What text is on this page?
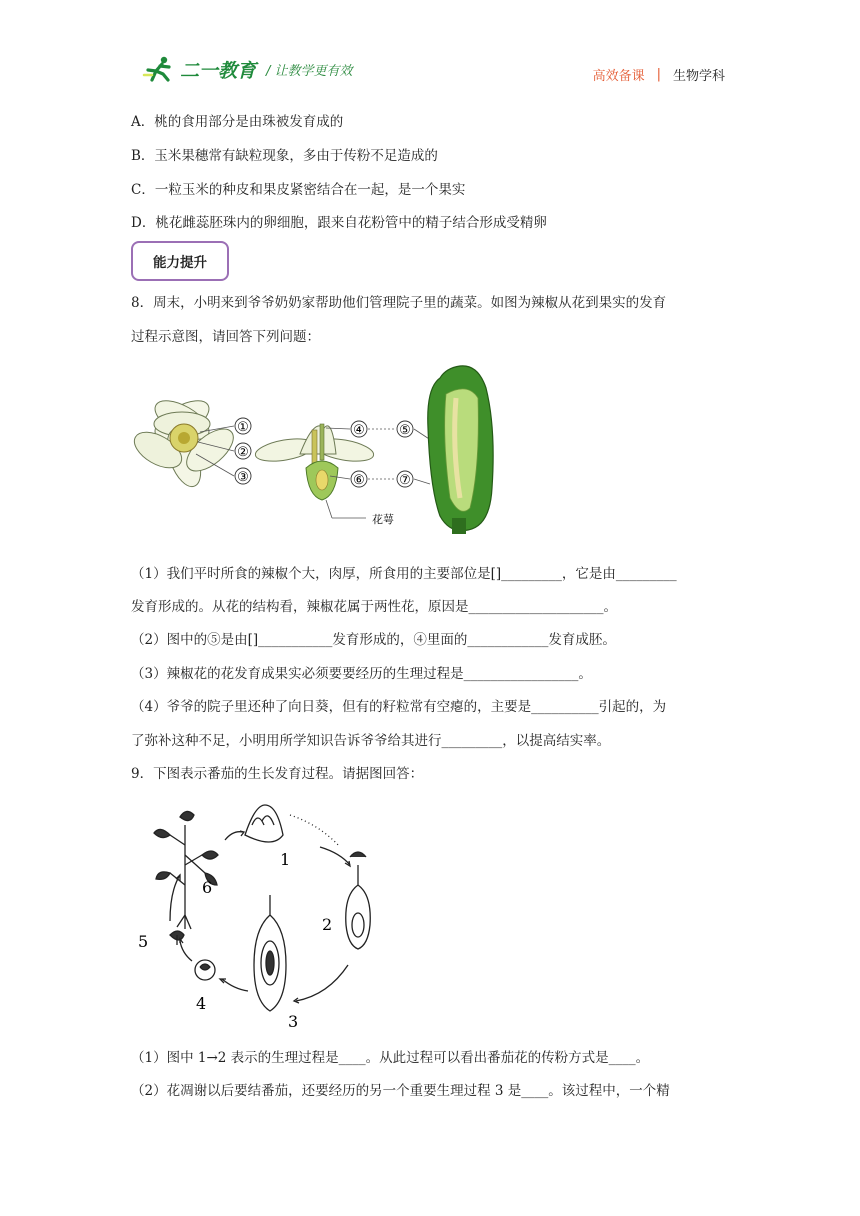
二一教育 / 让教学更有效	高效备课 | 生物学科
A．桃的食用部分是由珠被发育成的
B．玉米果穗常有缺粒现象，多由于传粉不足造成的
C．一粒玉米的种皮和果皮紧密结合在一起，是一个果实
D．桃花雌蕊胚珠内的卵细胞，跟来自花粉管中的精子结合形成受精卵
能力提升
8．周末，小明来到爷爷奶奶家帮助他们管理院子里的蔬菜。如图为辣椒从花到果实的发育
过程示意图，请回答下列问题：
①
②
③
④
⑥
⑤
⑦
花萼
（1）我们平时所食的辣椒个大，肉厚，所食用的主要部位是[]_________，它是由_________
发育形成的。从花的结构看，辣椒花属于两性花，原因是____________________。
（2）图中的⑤是由[]___________发育形成的，④里面的____________发育成胚。
（3）辣椒花的花发育成果实必须要要经历的生理过程是_________________。
（4）爷爷的院子里还种了向日葵，但有的籽粒常有空瘪的，主要是__________引起的，为
了弥补这种不足，小明用所学知识告诉爷爷给其进行_________，以提高结实率。
9．下图表示番茄的生长发育过程。请据图回答：
1
2
3
4
5
6
（1）图中 1→2 表示的生理过程是____。从此过程可以看出番茄花的传粉方式是____。
（2）花凋谢以后要结番茄，还要经历的另一个重要生理过程 3 是____。该过程中，一个精
